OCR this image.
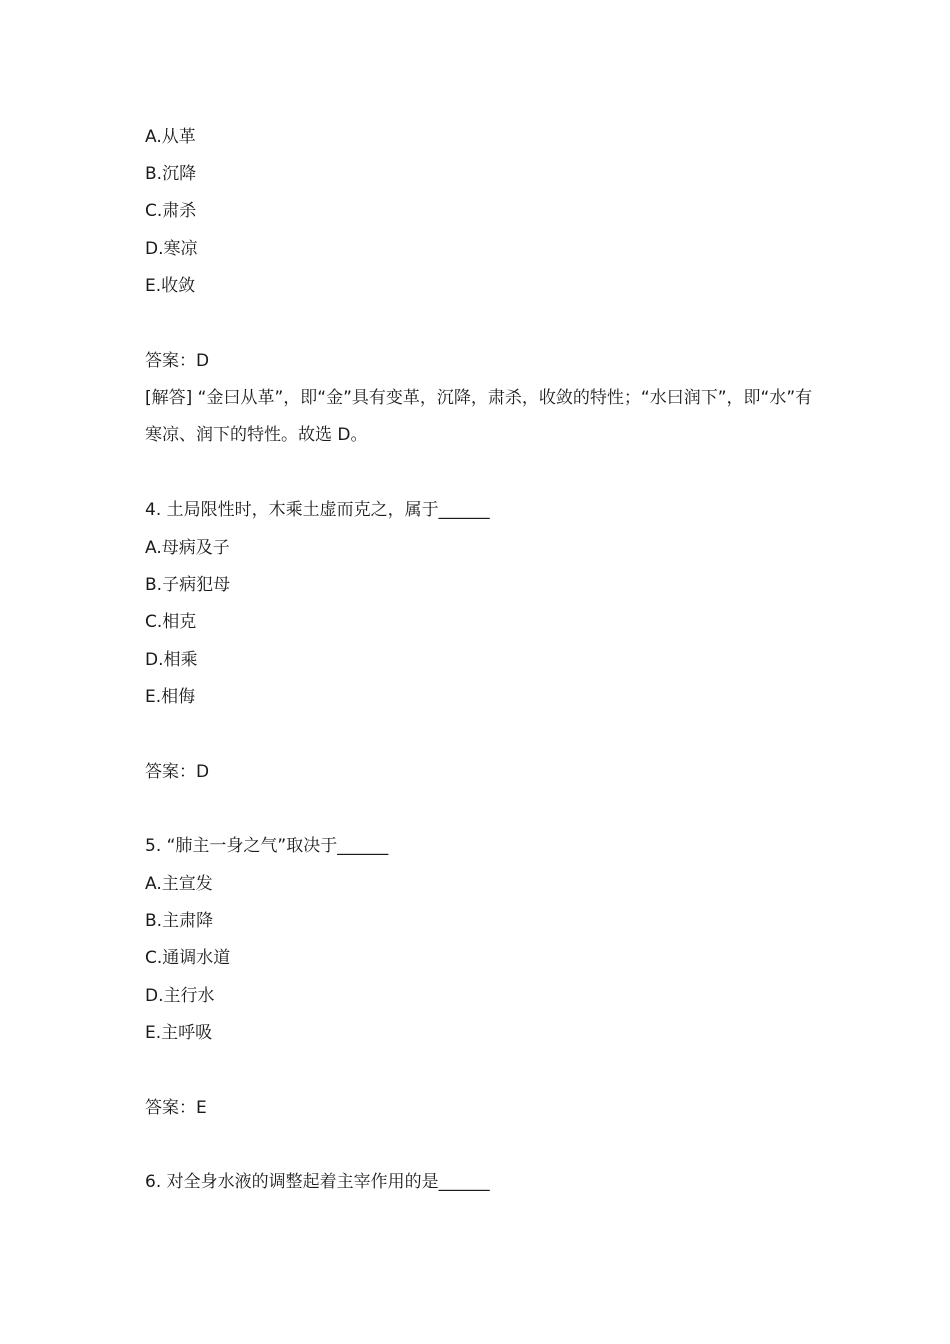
A.从革
B.沉降
C.肃杀
D.寒凉
E.收敛
答案：D
[解答] “金曰从革”，即“金”具有变革，沉降，肃杀，收敛的特性；“水曰润下”，即“水”有寒凉、润下的特性。故选 D。
4. 土局限性时，木乘土虚而克之，属于______
A.母病及子
B.子病犯母
C.相克
D.相乘
E.相侮
答案：D
5. “肺主一身之气”取决于______
A.主宣发
B.主肃降
C.通调水道
D.主行水
E.主呼吸
答案：E
6. 对全身水液的调整起着主宰作用的是______
